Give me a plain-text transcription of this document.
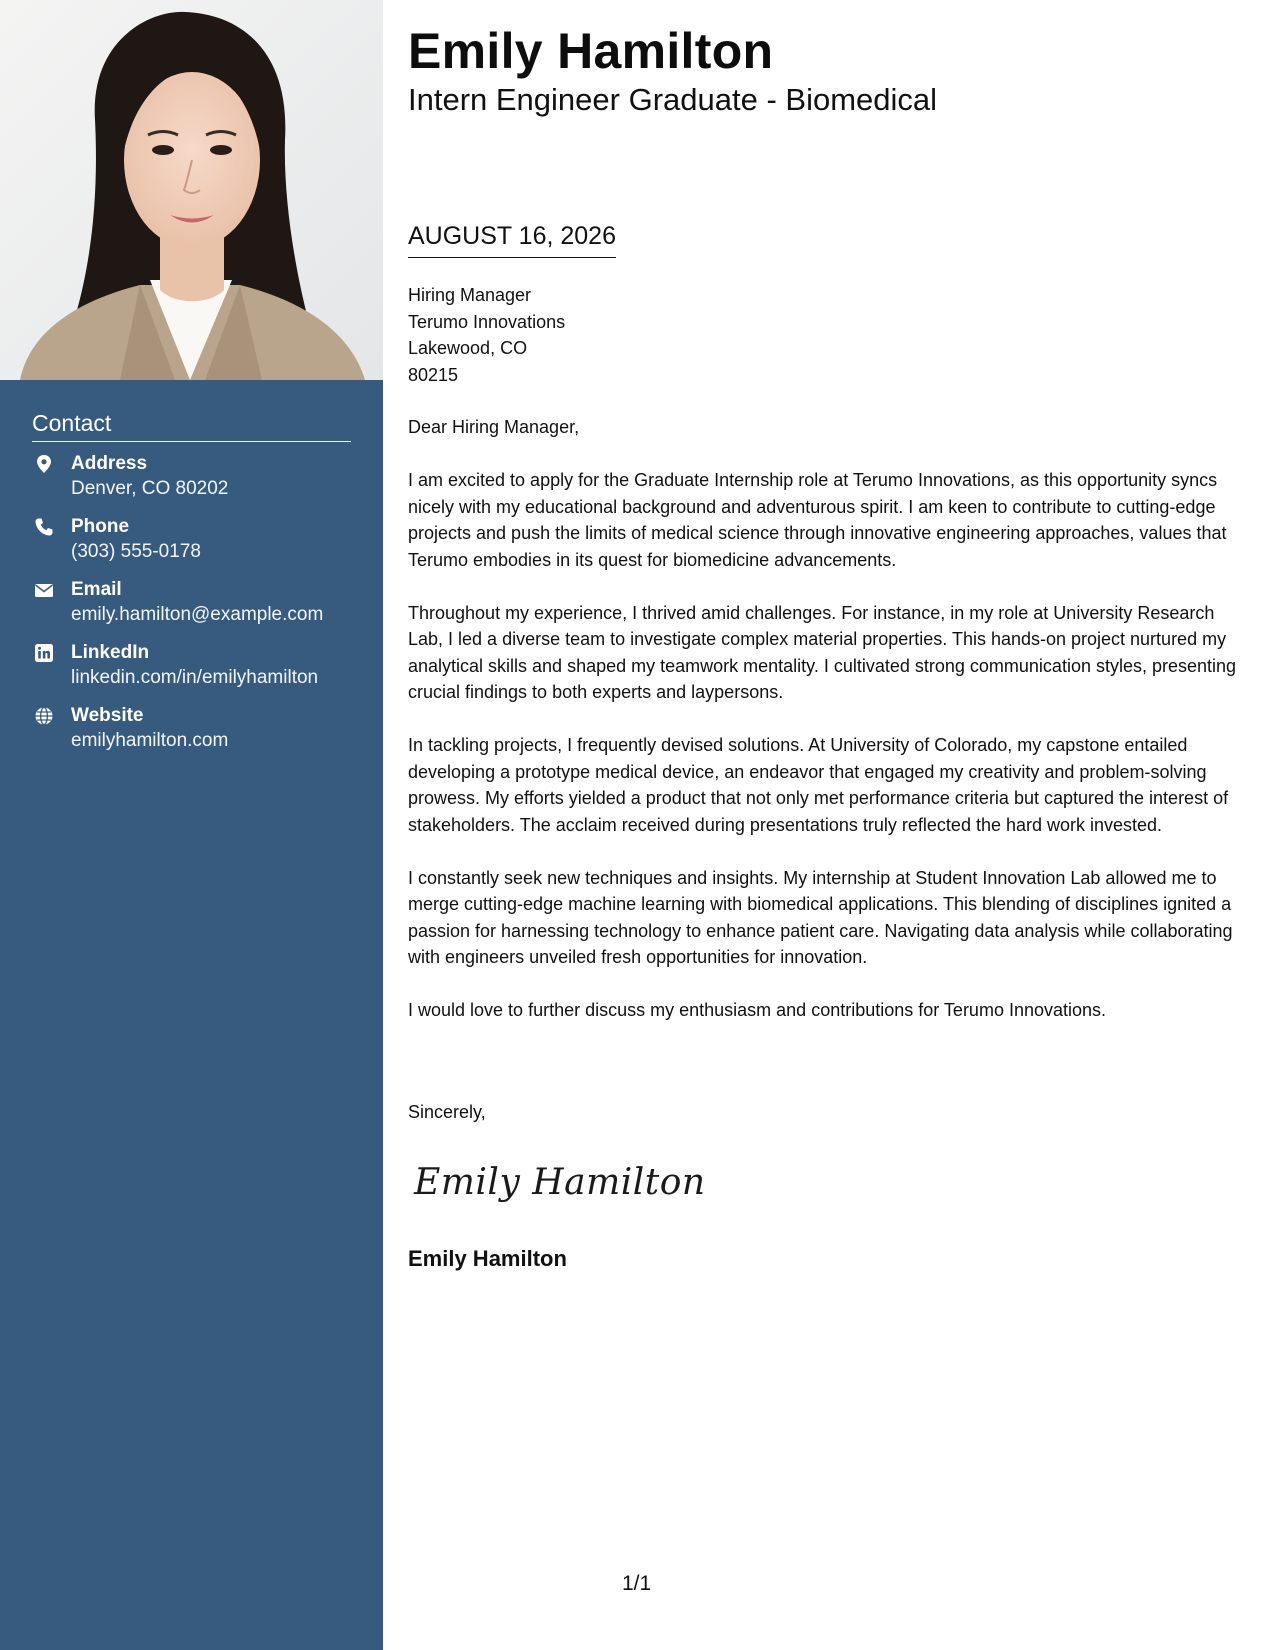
Contact
Address
Denver, CO 80202
Phone
(303) 555-0178
Email
emily.hamilton@example.com
LinkedIn
linkedin.com/in/emilyhamilton
Website
emilyhamilton.com
Emily Hamilton
Intern Engineer Graduate - Biomedical
AUGUST 16, 2026
Hiring Manager
Terumo Innovations
Lakewood, CO
80215

Dear Hiring Manager,

I am excited to apply for the Graduate Internship role at Terumo Innovations, as this opportunity syncs nicely with my educational background and adventurous spirit. I am keen to contribute to cutting-edge projects and push the limits of medical science through innovative engineering approaches, values that Terumo embodies in its quest for biomedicine advancements.

Throughout my experience, I thrived amid challenges. For instance, in my role at University Research Lab, I led a diverse team to investigate complex material properties. This hands-on project nurtured my analytical skills and shaped my teamwork mentality. I cultivated strong communication styles, presenting crucial findings to both experts and laypersons.

In tackling projects, I frequently devised solutions. At University of Colorado, my capstone entailed developing a prototype medical device, an endeavor that engaged my creativity and problem-solving prowess. My efforts yielded a product that not only met performance criteria but captured the interest of stakeholders. The acclaim received during presentations truly reflected the hard work invested.

I constantly seek new techniques and insights. My internship at Student Innovation Lab allowed me to merge cutting-edge machine learning with biomedical applications. This blending of disciplines ignited a passion for harnessing technology to enhance patient care. Navigating data analysis while collaborating with engineers unveiled fresh opportunities for innovation.

I would love to further discuss my enthusiasm and contributions for Terumo Innovations.

Sincerely,
Emily Hamilton
Emily Hamilton
1/1
